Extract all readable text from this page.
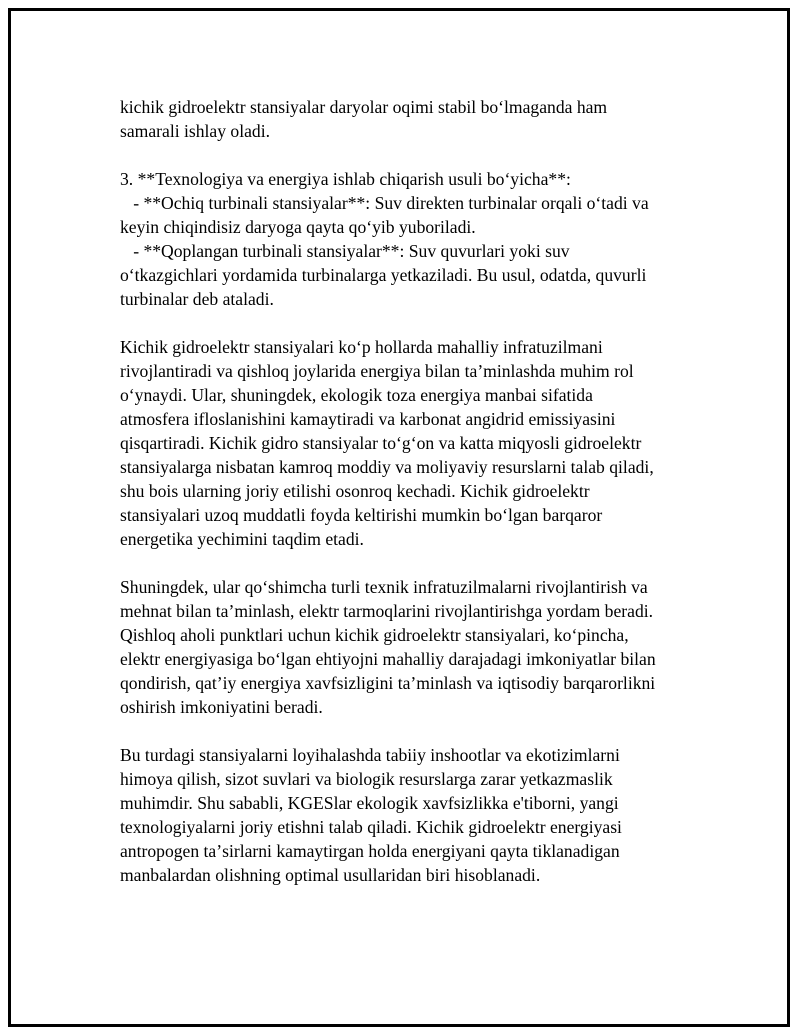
kichik gidroelektr stansiyalar daryolar oqimi stabil boʻlmaganda ham
samarali ishlay oladi.
3. **Texnologiya va energiya ishlab chiqarish usuli boʻyicha**:
- **Ochiq turbinali stansiyalar**: Suv direkten turbinalar orqali oʻtadi va
keyin chiqindisiz daryoga qayta qoʻyib yuboriladi.
- **Qoplangan turbinali stansiyalar**: Suv quvurlari yoki suv
oʻtkazgichlari yordamida turbinalarga yetkaziladi. Bu usul, odatda, quvurli
turbinalar deb ataladi.
Kichik gidroelektr stansiyalari koʻp hollarda mahalliy infratuzilmani
rivojlantiradi va qishloq joylarida energiya bilan taʼminlashda muhim rol
oʻynaydi. Ular, shuningdek, ekologik toza energiya manbai sifatida
atmosfera ifloslanishini kamaytiradi va karbonat angidrid emissiyasini
qisqartiradi. Kichik gidro stansiyalar toʻgʻon va katta miqyosli gidroelektr
stansiyalarga nisbatan kamroq moddiy va moliyaviy resurslarni talab qiladi,
shu bois ularning joriy etilishi osonroq kechadi. Kichik gidroelektr
stansiyalari uzoq muddatli foyda keltirishi mumkin boʻlgan barqaror
energetika yechimini taqdim etadi.
Shuningdek, ular qoʻshimcha turli texnik infratuzilmalarni rivojlantirish va
mehnat bilan taʼminlash, elektr tarmoqlarini rivojlantirishga yordam beradi.
Qishloq aholi punktlari uchun kichik gidroelektr stansiyalari, koʻpincha,
elektr energiyasiga boʻlgan ehtiyojni mahalliy darajadagi imkoniyatlar bilan
qondirish, qatʼiy energiya xavfsizligini taʼminlash va iqtisodiy barqarorlikni
oshirish imkoniyatini beradi.
Bu turdagi stansiyalarni loyihalashda tabiiy inshootlar va ekotizimlarni
himoya qilish, sizot suvlari va biologik resurslarga zarar yetkazmaslik
muhimdir. Shu sababli, KGESlar ekologik xavfsizlikka e'tiborni, yangi
texnologiyalarni joriy etishni talab qiladi. Kichik gidroelektr energiyasi
antropogen taʼsirlarni kamaytirgan holda energiyani qayta tiklanadigan
manbalardan olishning optimal usullaridan biri hisoblanadi.
